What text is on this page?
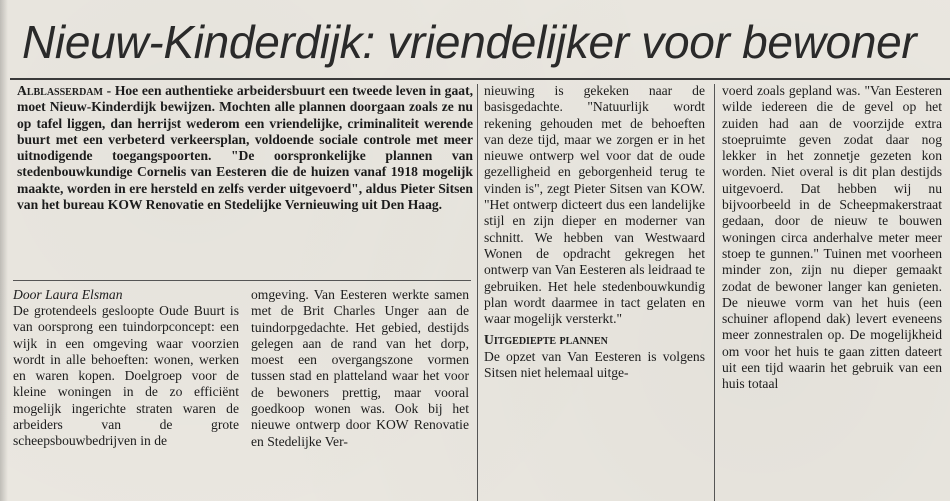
Nieuw-Kinderdijk: vriendelijker voor bewoner

Alblasserdam - Hoe een authentieke arbeidersbuurt een tweede leven in gaat, moet Nieuw-Kinderdijk bewijzen. Mochten alle plannen doorgaan zoals ze nu op tafel liggen, dan herrijst wederom een vriendelijke, criminaliteit werende buurt met een verbeterd verkeersplan, voldoende sociale controle met meer uitnodigende toegangspoorten. "De oorspronkelijke plannen van stedenbouwkundige Cornelis van Eesteren die de huizen vanaf 1918 mogelijk maakte, worden in ere hersteld en zelfs verder uitgevoerd", aldus Pieter Sitsen van het bureau KOW Renovatie en Stedelijke Vernieuwing uit Den Haag.

Door Laura Elsman

De grotendeels gesloopte Oude Buurt is van oorsprong een tuindorpconcept: een wijk in een omgeving waar voorzien wordt in alle behoeften: wonen, werken en waren kopen. Doelgroep voor de kleine woningen in de zo efficiënt mogelijk ingerichte straten waren de arbeiders van de grote scheepsbouwbedrijven in de

omgeving. Van Eesteren werkte samen met de Brit Charles Unger aan de tuindorpgedachte. Het gebied, destijds gelegen aan de rand van het dorp, moest een overgangszone vormen tussen stad en platteland waar het voor de bewoners prettig, maar vooral goedkoop wonen was. Ook bij het nieuwe ontwerp door KOW Renovatie en Stedelijke Ver-

nieuwing is gekeken naar de basisgedachte. "Natuurlijk wordt rekening gehouden met de behoeften van deze tijd, maar we zorgen er in het nieuwe ontwerp wel voor dat de oude gezelligheid en geborgenheid terug te vinden is", zegt Pieter Sitsen van KOW. "Het ontwerp dicteert dus een landelijke stijl en zijn dieper en moderner van schnitt. We hebben van Westwaard Wonen de opdracht gekregen het ontwerp van Van Eesteren als leidraad te gebruiken. Het hele stedenbouwkundig plan wordt daarmee in tact gelaten en waar mogelijk versterkt."

Uitgediepte plannen

De opzet van Van Eesteren is volgens Sitsen niet helemaal uitge-

voerd zoals gepland was. "Van Eesteren wilde iedereen die de gevel op het zuiden had aan de voorzijde extra stoepruimte geven zodat daar nog lekker in het zonnetje gezeten kon worden. Niet overal is dit plan destijds uitgevoerd. Dat hebben wij nu bijvoorbeeld in de Scheepmakerstraat gedaan, door de nieuw te bouwen woningen circa anderhalve meter meer stoep te gunnen." Tuinen met voorheen minder zon, zijn nu dieper gemaakt zodat de bewoner langer kan genieten. De nieuwe vorm van het huis (een schuiner aflopend dak) levert eveneens meer zonnestralen op. De mogelijkheid om voor het huis te gaan zitten dateert uit een tijd waarin het gebruik van een huis totaal
